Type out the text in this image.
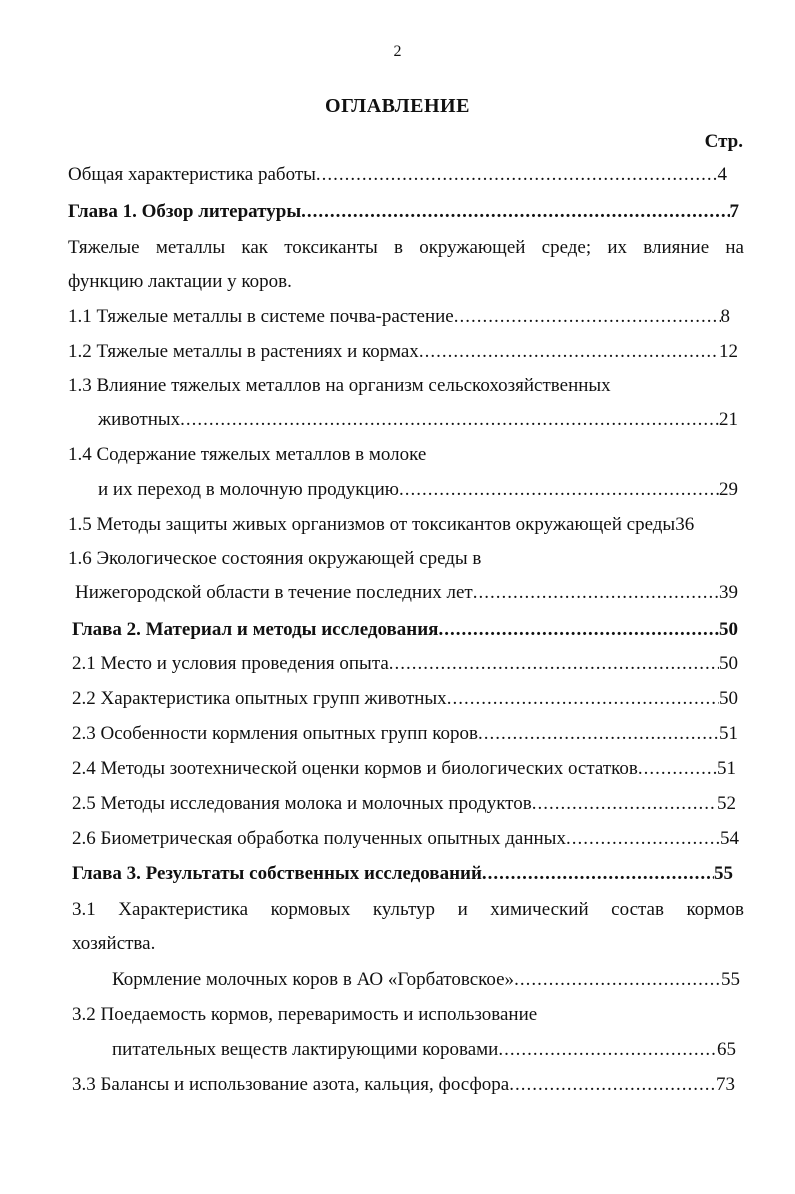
2
ОГЛАВЛЕНИЕ
Стр.
Общая характеристика работы .....	4
Глава 1. Обзор литературы .....	7
Тяжелые металлы как токсиканты в окружающей среде; их влияние на
функцию лактации у коров.
1.1 Тяжелые металлы в системе почва-растение .....	8
1.2 Тяжелые металлы в растениях и кормах .....	12
1.3 Влияние тяжелых металлов на организм сельскохозяйственных
животных .....	21
1.4 Содержание тяжелых металлов в молоке
и их переход в молочную продукцию .....	29
1.5 Методы защиты живых организмов от токсикантов окружающей среды 36
1.6 Экологическое состояния окружающей среды в
Нижегородской области в течение последних лет .....	39
Глава 2. Материал и методы исследования .....	50
2.1 Место и условия проведения опыта .....	50
2.2 Характеристика опытных групп животных .....	50
2.3 Особенности кормления опытных групп коров .....	51
2.4 Методы зоотехнической оценки кормов и биологических остатков .....	51
2.5 Методы исследования молока и молочных продуктов .....	52
2.6 Биометрическая обработка полученных опытных данных .....	54
Глава 3. Результаты собственных исследований .....	55
3.1 Характеристика кормовых культур и химический состав кормов
хозяйства.
Кормление молочных коров в АО «Горбатовское» .....	55
3.2 Поедаемость кормов, переваримость и использование
питательных веществ лактирующими коровами .....	65
3.3 Балансы и использование азота, кальция, фосфора .....	73
